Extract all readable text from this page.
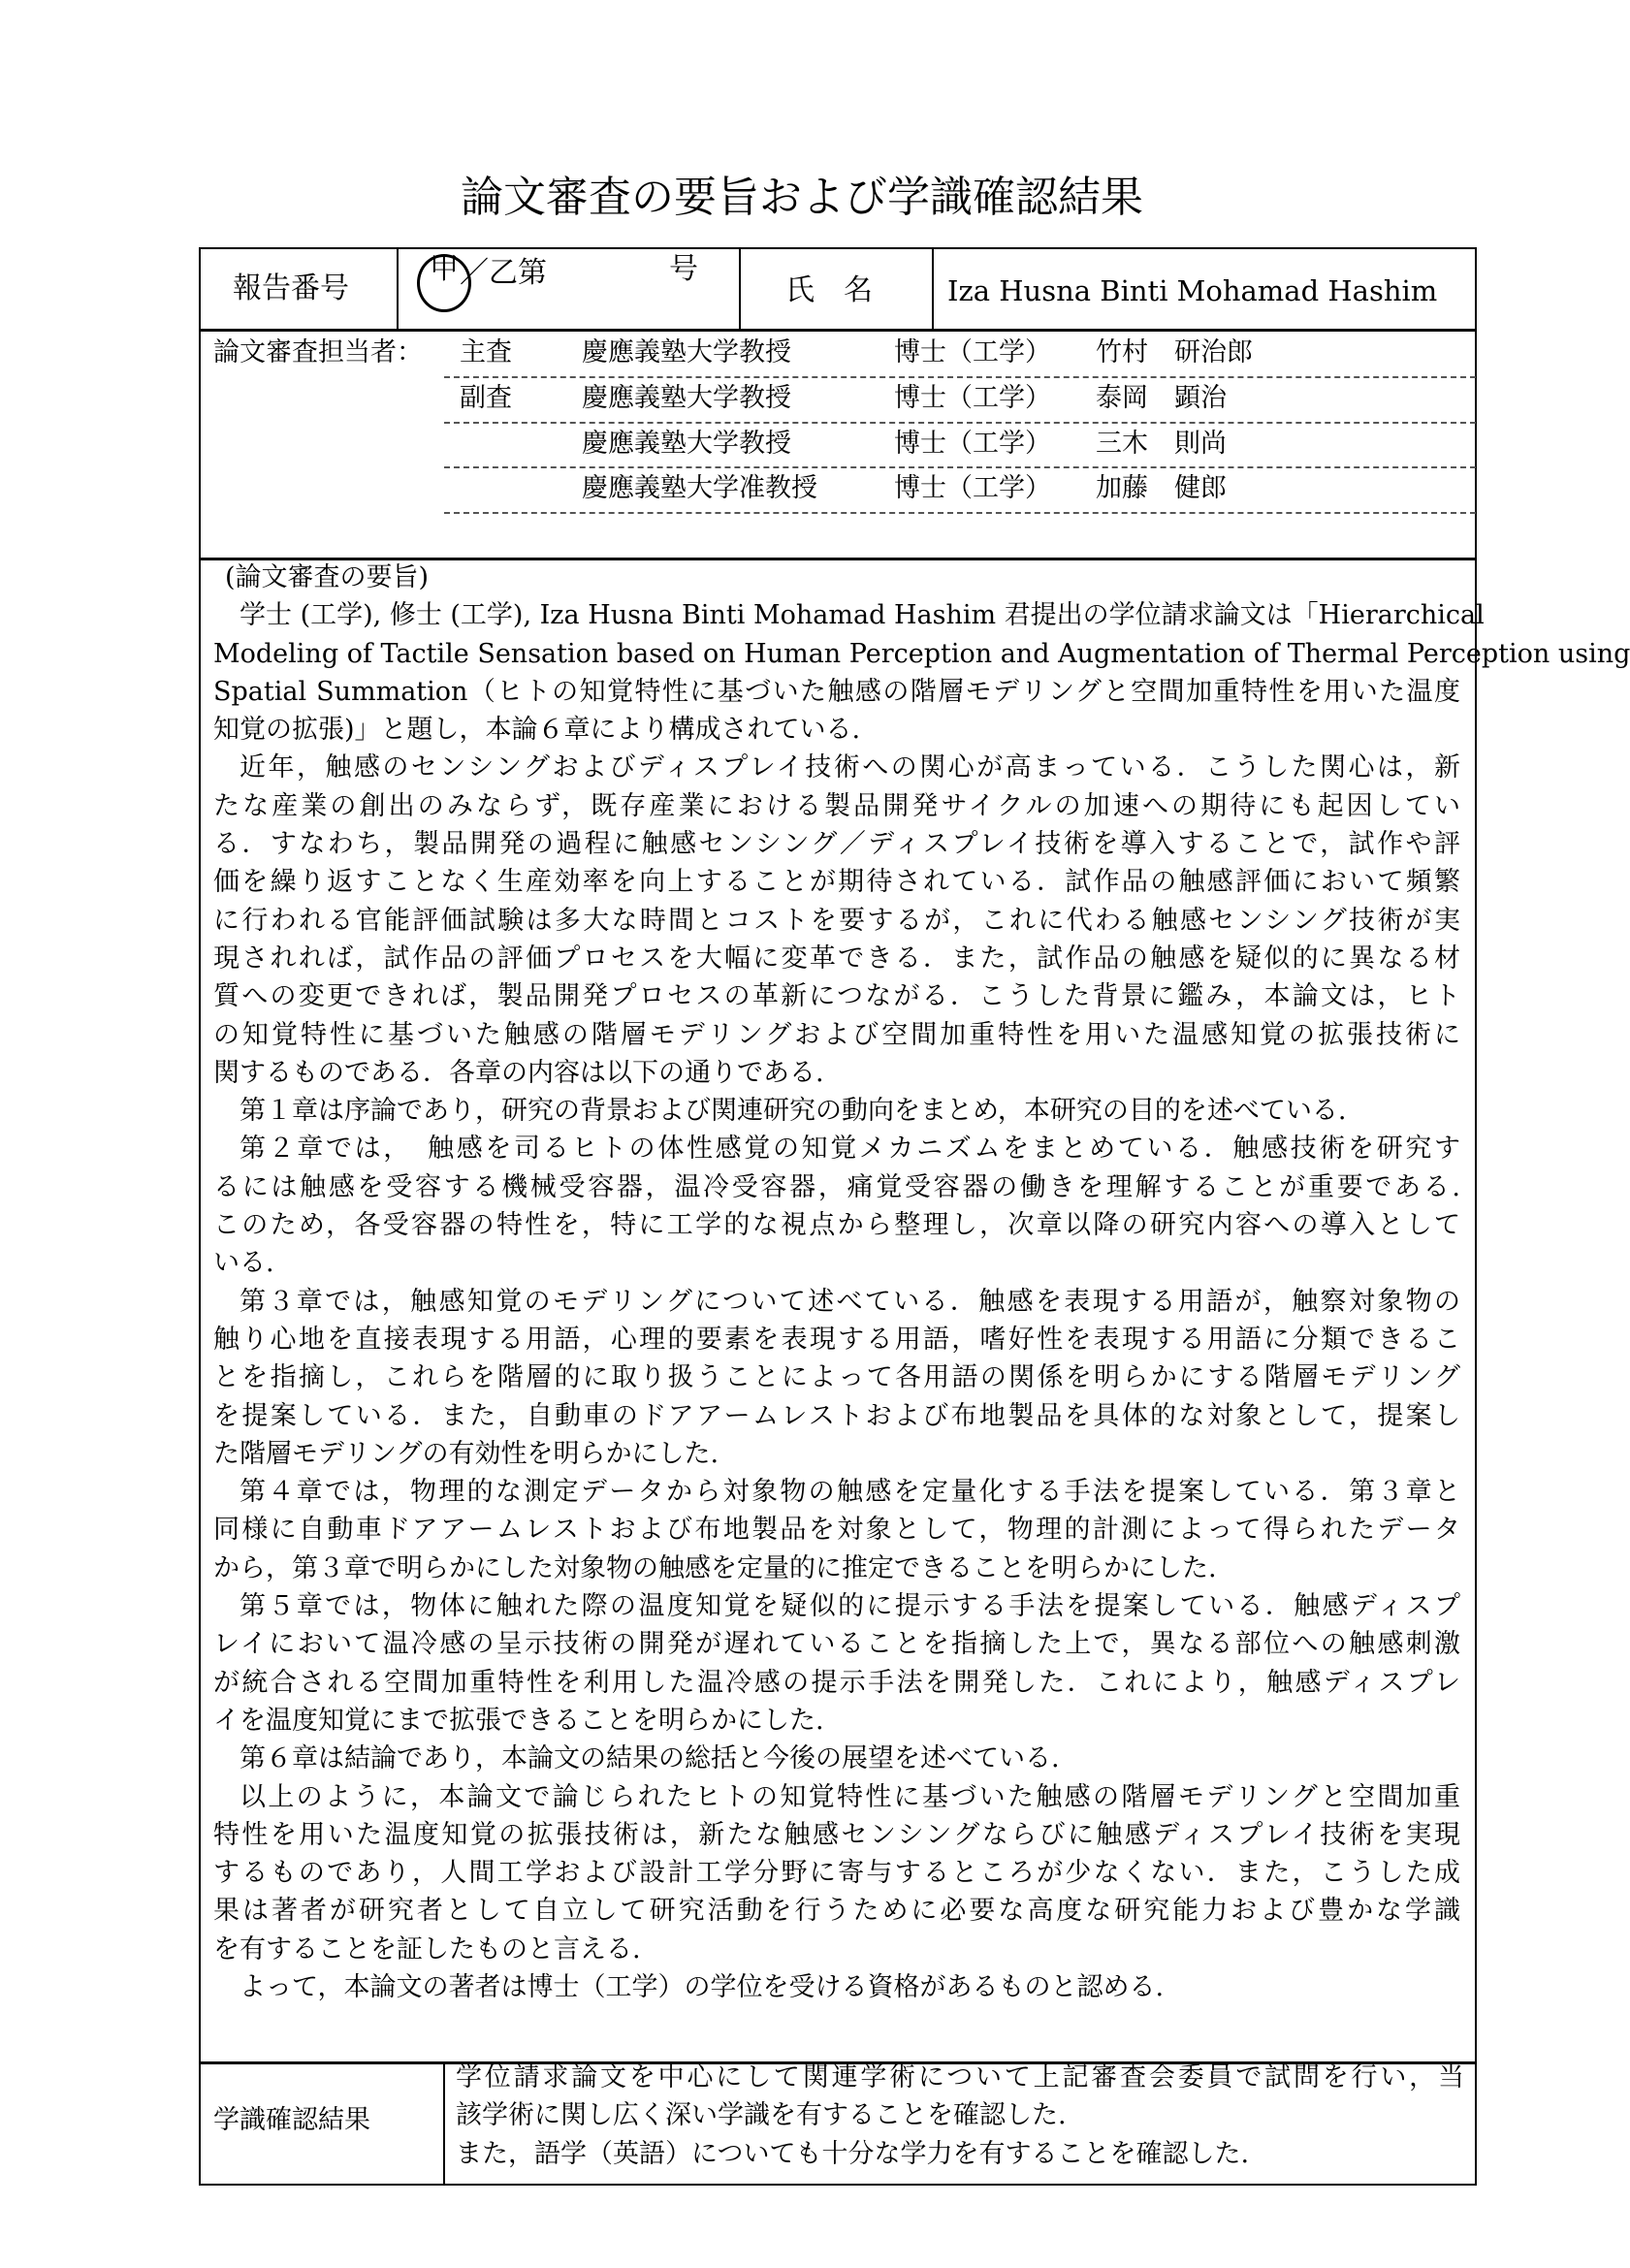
論文審査の要旨および学識確認結果
報告番号
甲 ／乙第	号
氏　名	Iza Husna Binti Mohamad Hashim
論文審査担当者： 主査	慶應義塾大学教授	博士（工学） 竹村　研治郎
副査	慶應義塾大学教授	博士（工学） 泰岡　顕治
慶應義塾大学教授	博士（工学） 三木　則尚
慶應義塾大学准教授	博士（工学） 加藤　健郎
(論文審査の要旨)
学士 (工学), 修士 (工学), Iza Husna Binti Mohamad Hashim 君提出の学位請求論文は「Hierarchical
Modeling of Tactile Sensation based on Human Perception and Augmentation of Thermal Perception using
Spatial Summation（ヒトの知覚特性に基づいた触感の階層モデリングと空間加重特性を用いた温度
知覚の拡張)」と題し，本論６章により構成されている.
近年，触感のセンシングおよびディスプレイ技術への関心が高まっている．こうした関心は，新
たな産業の創出のみならず，既存産業における製品開発サイクルの加速への期待にも起因してい
る．すなわち，製品開発の過程に触感センシング／ディスプレイ技術を導入することで，試作や評
価を繰り返すことなく生産効率を向上することが期待されている．試作品の触感評価において頻繁
に行われる官能評価試験は多大な時間とコストを要するが，これに代わる触感センシング技術が実
現されれば，試作品の評価プロセスを大幅に変革できる．また，試作品の触感を疑似的に異なる材
質への変更できれば，製品開発プロセスの革新につながる．こうした背景に鑑み，本論文は，ヒト
の知覚特性に基づいた触感の階層モデリングおよび空間加重特性を用いた温感知覚の拡張技術に
関するものである．各章の内容は以下の通りである.
第１章は序論であり，研究の背景および関連研究の動向をまとめ，本研究の目的を述べている.
第２章では，　触感を司るヒトの体性感覚の知覚メカニズムをまとめている．触感技術を研究す
るには触感を受容する機械受容器，温冷受容器，痛覚受容器の働きを理解することが重要である.
このため，各受容器の特性を，特に工学的な視点から整理し，次章以降の研究内容への導入として
いる.
第３章では，触感知覚のモデリングについて述べている．触感を表現する用語が，触察対象物の
触り心地を直接表現する用語，心理的要素を表現する用語，嗜好性を表現する用語に分類できるこ
とを指摘し，これらを階層的に取り扱うことによって各用語の関係を明らかにする階層モデリング
を提案している．また，自動車のドアアームレストおよび布地製品を具体的な対象として，提案し
た階層モデリングの有効性を明らかにした.
第４章では，物理的な測定データから対象物の触感を定量化する手法を提案している．第３章と
同様に自動車ドアアームレストおよび布地製品を対象として，物理的計測によって得られたデータ
から，第３章で明らかにした対象物の触感を定量的に推定できることを明らかにした.
第５章では，物体に触れた際の温度知覚を疑似的に提示する手法を提案している．触感ディスプ
レイにおいて温冷感の呈示技術の開発が遅れていることを指摘した上で，異なる部位への触感刺激
が統合される空間加重特性を利用した温冷感の提示手法を開発した．これにより，触感ディスプレ
イを温度知覚にまで拡張できることを明らかにした.
第６章は結論であり，本論文の結果の総括と今後の展望を述べている.
以上のように，本論文で論じられたヒトの知覚特性に基づいた触感の階層モデリングと空間加重
特性を用いた温度知覚の拡張技術は，新たな触感センシングならびに触感ディスプレイ技術を実現
するものであり，人間工学および設計工学分野に寄与するところが少なくない．また，こうした成
果は著者が研究者として自立して研究活動を行うために必要な高度な研究能力および豊かな学識
を有することを証したものと言える.
よって，本論文の著者は博士（工学）の学位を受ける資格があるものと認める.
学識確認結果
学位請求論文を中心にして関連学術について上記審査会委員で試問を行い，当
該学術に関し広く深い学識を有することを確認した.
また，語学（英語）についても十分な学力を有することを確認した.
